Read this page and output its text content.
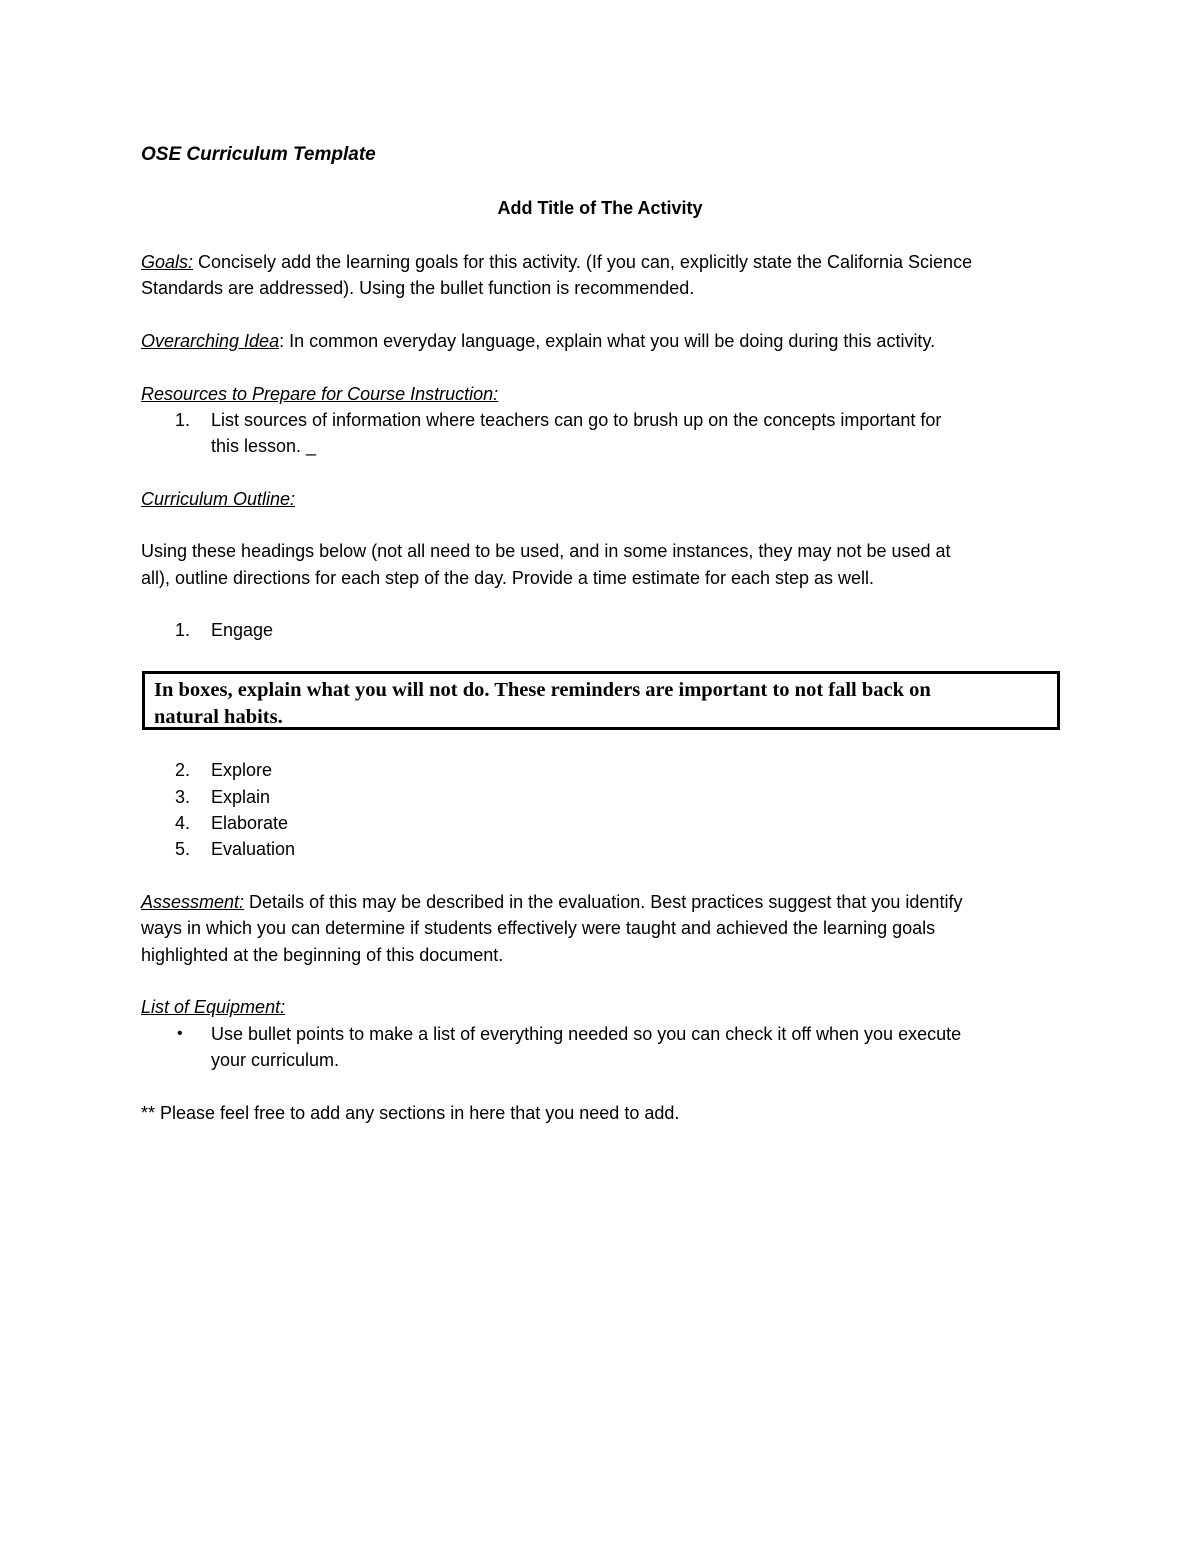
OSE Curriculum Template
Add Title of The Activity
Goals: Concisely add the learning goals for this activity. (If you can, explicitly state the California Science
Standards are addressed). Using the bullet function is recommended.
Overarching Idea: In common everyday language, explain what you will be doing during this activity.
Resources to Prepare for Course Instruction:
1. List sources of information where teachers can go to brush up on the concepts important for
this lesson. _
Curriculum Outline:
Using these headings below (not all need to be used, and in some instances, they may not be used at
all), outline directions for each step of the day. Provide a time estimate for each step as well.
1. Engage
In boxes, explain what you will not do. These reminders are important to not fall back on
natural habits.
2. Explore
3. Explain
4. Elaborate
5. Evaluation
Assessment: Details of this may be described in the evaluation. Best practices suggest that you identify
ways in which you can determine if students effectively were taught and achieved the learning goals
highlighted at the beginning of this document.
List of Equipment:
• Use bullet points to make a list of everything needed so you can check it off when you execute
your curriculum.
** Please feel free to add any sections in here that you need to add.
